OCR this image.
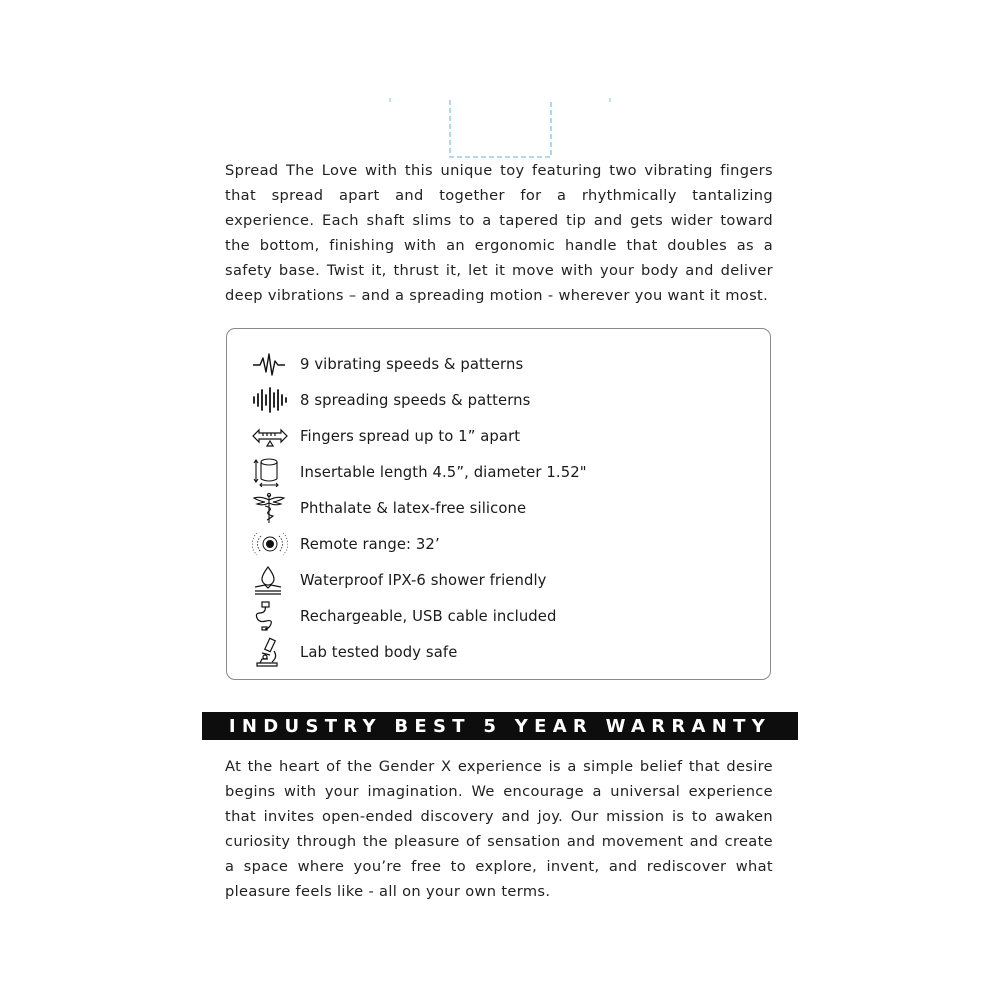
Spread The Love with this unique toy featuring two vibrating fingers that spread apart and together for a rhythmically tantalizing experience. Each shaft slims to a tapered tip and gets wider toward the bottom, finishing with an ergonomic handle that doubles as a safety base. Twist it, thrust it, let it move with your body and deliver deep vibrations – and a spreading motion - wherever you want it most.

9 vibrating speeds & patterns
8 spreading speeds & patterns
Fingers spread up to 1” apart
Insertable length 4.5”, diameter 1.52"
Phthalate & latex-free silicone
Remote range: 32’
Waterproof IPX-6 shower friendly
Rechargeable, USB cable included
Lab tested body safe
INDUSTRY BEST 5 YEAR WARRANTY

At the heart of the Gender X experience is a simple belief that desire begins with your imagination. We encourage a universal experience that invites open-ended discovery and joy. Our mission is to awaken curiosity through the pleasure of sensation and movement and create a space where you’re free to explore, invent, and rediscover what pleasure feels like - all on your own terms.
